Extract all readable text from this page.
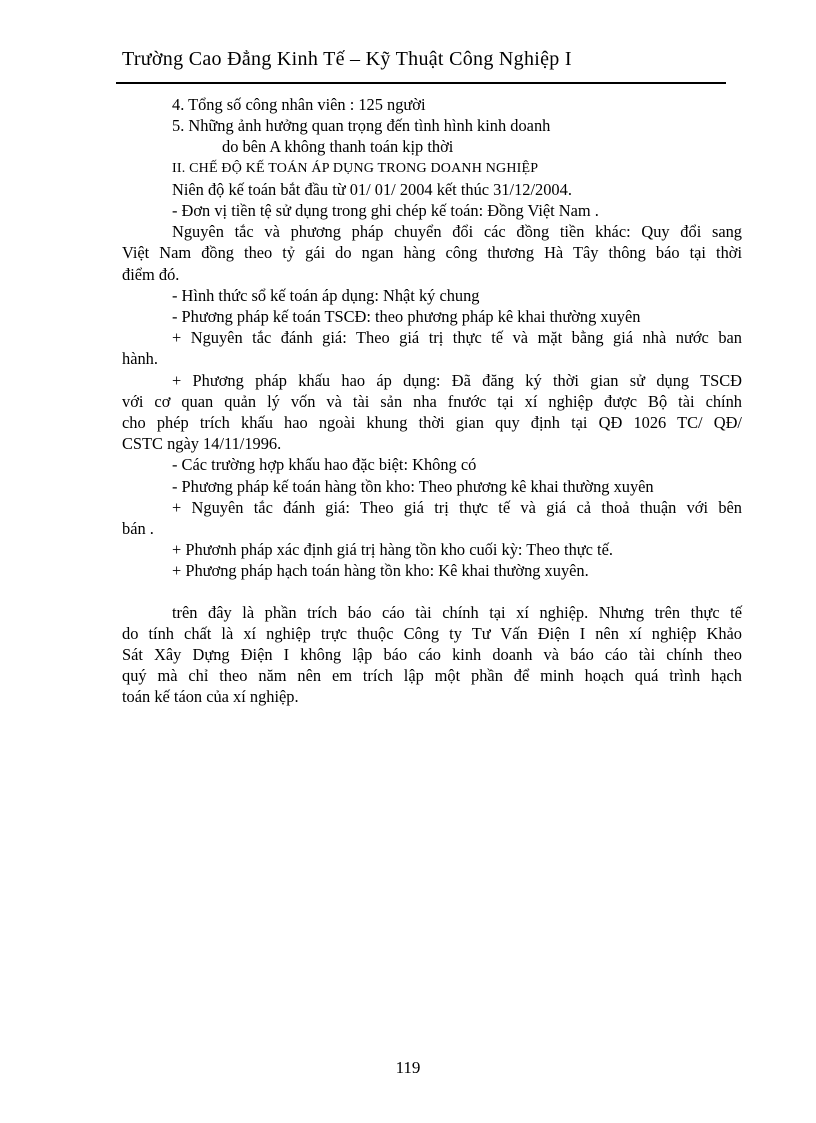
Trường Cao Đẳng Kinh Tế – Kỹ Thuật Công Nghiệp I
4. Tổng số công nhân viên : 125 người
5. Những ảnh hưởng quan trọng đến tình hình kinh doanh
do bên A không thanh toán kịp thời
II. CHẾ ĐỘ KẾ TOÁN ÁP DỤNG TRONG DOANH NGHIỆP
Niên độ kế toán bắt đầu từ 01/ 01/ 2004 kết thúc 31/12/2004.
- Đơn vị tiền tệ sử dụng trong ghi chép kế toán: Đồng Việt Nam .
Nguyên tắc và phương pháp chuyển đổi các đồng tiền khác: Quy đổi sang
Việt Nam đồng theo tỷ gái do ngan hàng công thương Hà Tây thông báo tại thời
điểm đó.
- Hình thức sổ kế toán áp dụng: Nhật ký chung
- Phương pháp kế toán TSCĐ: theo phương pháp kê khai thường xuyên
+ Nguyên tắc đánh giá: Theo giá trị thực tế và mặt bằng giá nhà nước ban
hành.
+ Phương pháp khấu hao áp dụng: Đã đăng ký thời gian sử dụng TSCĐ
với cơ quan quản lý vốn và tài sản nha fnước tại xí nghiệp được Bộ tài chính
cho phép trích khấu hao ngoài khung thời gian quy định tại QĐ 1026 TC/ QĐ/
CSTC ngày 14/11/1996.
- Các trường hợp khấu hao đặc biệt: Không có
- Phương pháp kế toán hàng tồn kho: Theo phương kê khai thường xuyên
+ Nguyên tắc đánh giá: Theo giá trị thực tế và giá cả thoả thuận với bên
bán .
+ Phươnh pháp xác định giá trị hàng tồn kho cuối kỳ: Theo thực tế.
+ Phương pháp hạch toán hàng tồn kho: Kê khai thường xuyên.
trên đây là phần trích báo cáo tài chính tại xí nghiệp. Nhưng trên thực tế
do tính chất là xí nghiệp trực thuộc Công ty Tư Vấn Điện I nên xí nghiệp Khảo
Sát Xây Dựng Điện I không lập báo cáo kinh doanh và báo cáo tài chính theo
quý mà chỉ theo năm nên em trích lập một phần để minh hoạch quá trình hạch
toán kế táon của xí nghiệp.
119
